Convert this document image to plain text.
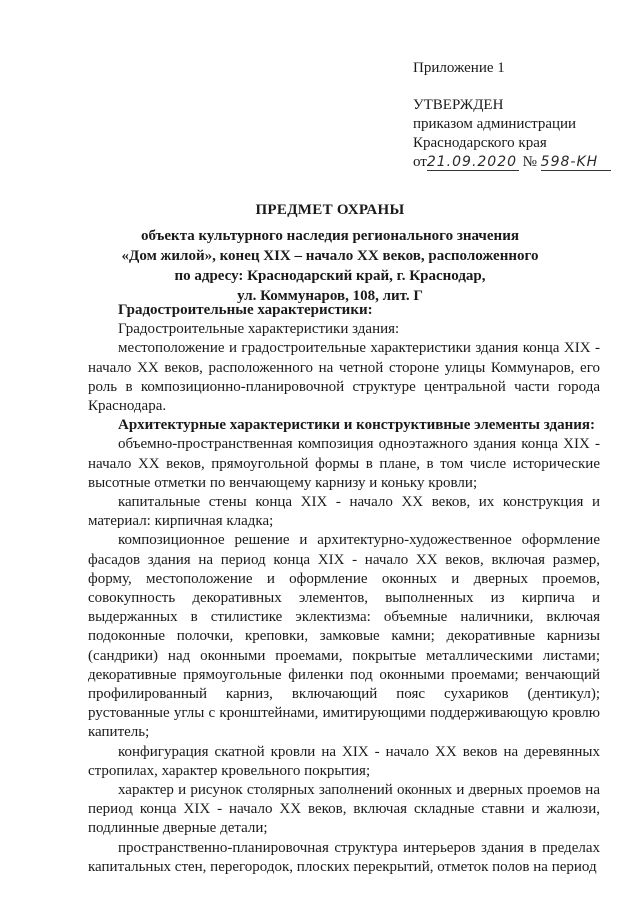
Приложение 1
УТВЕРЖДЕН
приказом администрации
Краснодарского края
от21.09.2020 № 598-KH
ПРЕДМЕТ ОХРАНЫ
объекта культурного наследия регионального значения
«Дом жилой», конец XIX – начало XX веков, расположенного
по адресу: Краснодарский край, г. Краснодар,
ул. Коммунаров, 108, лит. Г

Градостроительные характеристики:

Градостроительные характеристики здания:

местоположение и градостроительные характеристики здания конца XIX - начало XX веков, расположенного на четной стороне улицы Коммунаров, его роль в композиционно-планировочной структуре центральной части города Краснодара.

Архитектурные характеристики и конструктивные элементы здания:

объемно-пространственная композиция одноэтажного здания конца XIX - начало XX веков, прямоугольной формы в плане, в том числе исторические высотные отметки по венчающему карнизу и коньку кровли;

капитальные стены конца XIX - начало XX веков, их конструкция и материал: кирпичная кладка;

композиционное решение и архитектурно-художественное оформление фасадов здания на период конца XIX - начало XX веков, включая размер, форму, местоположение и оформление оконных и дверных проемов, совокупность декоративных элементов, выполненных из кирпича и выдержанных в стилистике эклектизма: объемные наличники, включая подоконные полочки, креповки, замковые камни; декоративные карнизы (сандрики) над оконными проемами, покрытые металлическими листами; декоративные прямоугольные филенки под оконными проемами; венчающий профилированный карниз, включающий пояс сухариков (дентикул); рустованные углы с кронштейнами, имитирующими поддерживающую кровлю капитель;

конфигурация скатной кровли на XIX - начало XX веков на деревянных стропилах, характер кровельного покрытия;

характер и рисунок столярных заполнений оконных и дверных проемов на период конца XIX - начало XX веков, включая складные ставни и жалюзи, подлинные дверные детали;

пространственно-планировочная структура интерьеров здания в пределах капитальных стен, перегородок, плоских перекрытий, отметок полов на период
